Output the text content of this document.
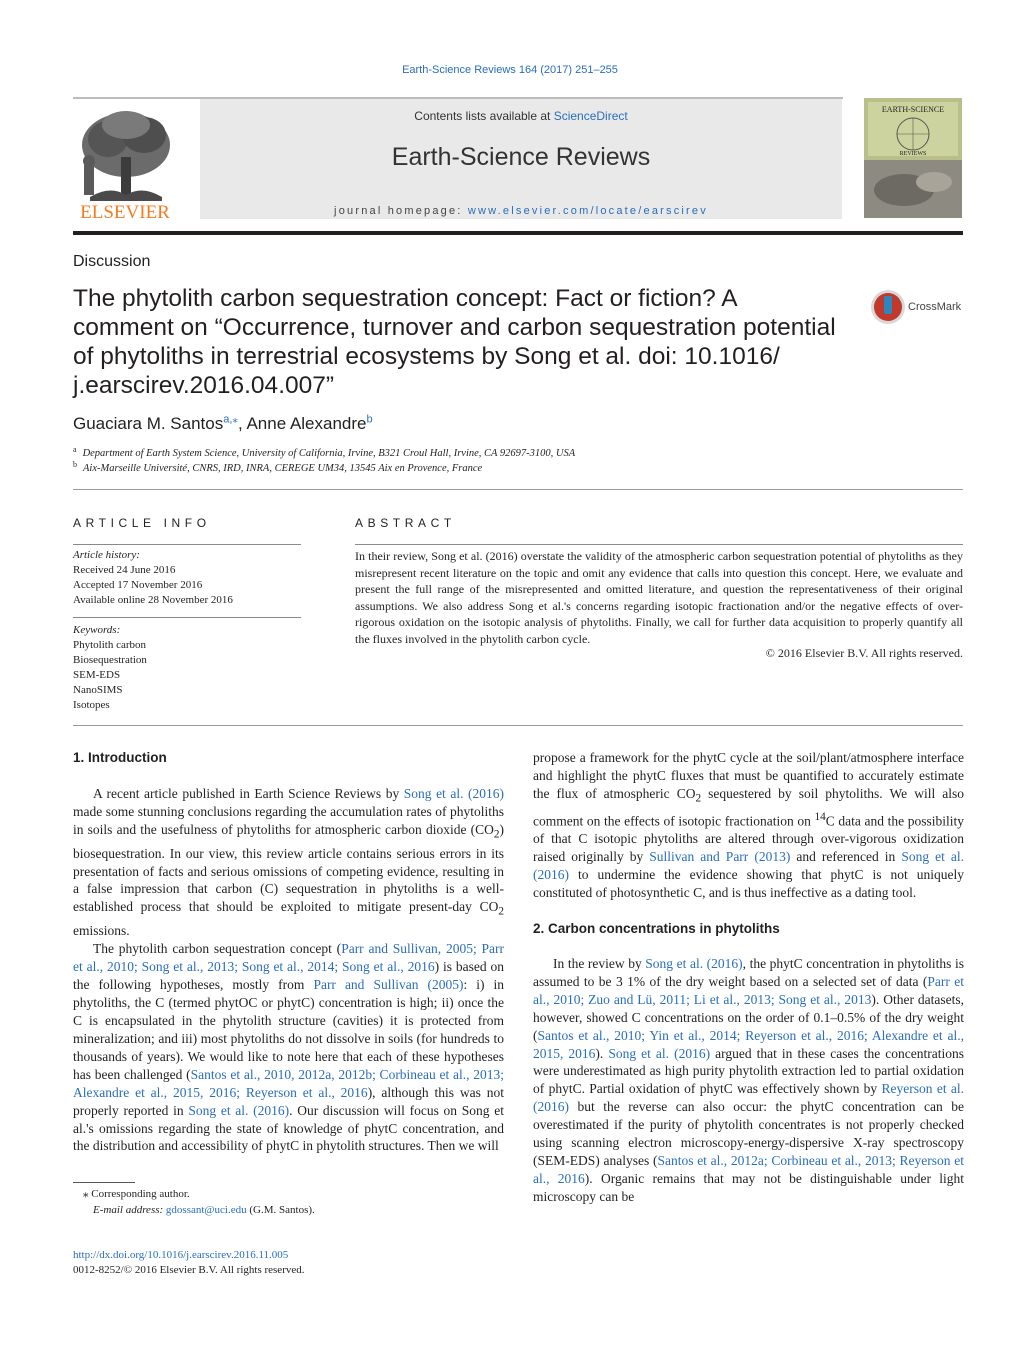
Earth-Science Reviews 164 (2017) 251–255
Contents lists available at ScienceDirect
Earth-Science Reviews
journal homepage: www.elsevier.com/locate/earscirev
ELSEVIER
EARTH-SCIENCE
REVIEWS
Discussion
The phytolith carbon sequestration concept: Fact or fiction? A comment on “Occurrence, turnover and carbon sequestration potential of phytoliths in terrestrial ecosystems by Song et al. doi: 10.1016/ j.earscirev.2016.04.007”
CrossMark
Guaciara M. Santos$^{a,⁎}$, Anne Alexandre$^b$
$^a$ Department of Earth System Science, University of California, Irvine, B321 Croul Hall, Irvine, CA 92697-3100, USA
$^b$ Aix-Marseille Université, CNRS, IRD, INRA, CEREGE UM34, 13545 Aix en Provence, France
ARTICLE INFO	ABSTRACT
Article history:
Received 24 June 2016
Accepted 17 November 2016
Available online 28 November 2016
Keywords:
Phytolith carbon
Biosequestration
SEM-EDS
NanoSIMS
Isotopes
In their review, Song et al. (2016) overstate the validity of the atmospheric carbon sequestration potential of phytoliths as they misrepresent recent literature on the topic and omit any evidence that calls into question this concept. Here, we evaluate and present the full range of the misrepresented and omitted literature, and question the representativeness of their original assumptions. We also address Song et al.'s concerns regarding isotopic fractionation and/or the negative effects of over-rigorous oxidation on the isotopic analysis of phytoliths. Finally, we call for further data acquisition to properly quantify all the fluxes involved in the phytolith carbon cycle.
© 2016 Elsevier B.V. All rights reserved.
1. Introduction

A recent article published in Earth Science Reviews by Song et al. (2016) made some stunning conclusions regarding the accumulation rates of phytoliths in soils and the usefulness of phytoliths for atmospheric carbon dioxide $(CO_2)$ biosequestration. In our view, this review article contains serious errors in its presentation of facts and serious omissions of competing evidence, resulting in a false impression that carbon (C) sequestration in phytoliths is a well-established process that should be exploited to mitigate present-day $CO_2$ emissions.

The phytolith carbon sequestration concept (Parr and Sullivan, 2005; Parr et al., 2010; Song et al., 2013; Song et al., 2014; Song et al., 2016) is based on the following hypotheses, mostly from Parr and Sullivan (2005): i) in phytoliths, the C (termed phytOC or phytC) concentration is high; ii) once the C is encapsulated in the phytolith structure (cavities) it is protected from mineralization; and iii) most phytoliths do not dissolve in soils (for hundreds to thousands of years). We would like to note here that each of these hypotheses has been challenged (Santos et al., 2010, 2012a, 2012b; Corbineau et al., 2013; Alexandre et al., 2015, 2016; Reyerson et al., 2016), although this was not properly reported in Song et al. (2016). Our discussion will focus on Song et al.'s omissions regarding the state of knowledge of phytC concentration, and the distribution and accessibility of phytC in phytolith structures. Then we will

propose a framework for the phytC cycle at the soil/plant/atmosphere interface and highlight the phytC fluxes that must be quantified to accurately estimate the flux of atmospheric $CO_2$ sequestered by soil phytoliths. We will also comment on the effects of isotopic fractionation on $^{14}$C data and the possibility of that C isotopic phytoliths are altered through over-vigorous oxidization raised originally by Sullivan and Parr (2013) and referenced in Song et al. (2016) to undermine the evidence showing that phytC is not uniquely constituted of photosynthetic C, and is thus ineffective as a dating tool.

2. Carbon concentrations in phytoliths

In the review by Song et al. (2016), the phytC concentration in phytoliths is assumed to be 3 1% of the dry weight based on a selected set of data (Parr et al., 2010; Zuo and Lü, 2011; Li et al., 2013; Song et al., 2013). Other datasets, however, showed C concentrations on the order of 0.1–0.5% of the dry weight (Santos et al., 2010; Yin et al., 2014; Reyerson et al., 2016; Alexandre et al., 2015, 2016). Song et al. (2016) argued that in these cases the concentrations were underestimated as high purity phytolith extraction led to partial oxidation of phytC. Partial oxidation of phytC was effectively shown by Reyerson et al. (2016) but the reverse can also occur: the phytC concentration can be overestimated if the purity of phytolith concentrates is not properly checked using scanning electron microscopy-energy-dispersive X-ray spectroscopy (SEM-EDS) analyses (Santos et al., 2012a; Corbineau et al., 2013; Reyerson et al., 2016). Organic remains that may not be distinguishable under light microscopy can be

⁎ Corresponding author.
E-mail address: gdossant@uci.edu (G.M. Santos).
http://dx.doi.org/10.1016/j.earscirev.2016.11.005
0012-8252/© 2016 Elsevier B.V. All rights reserved.
